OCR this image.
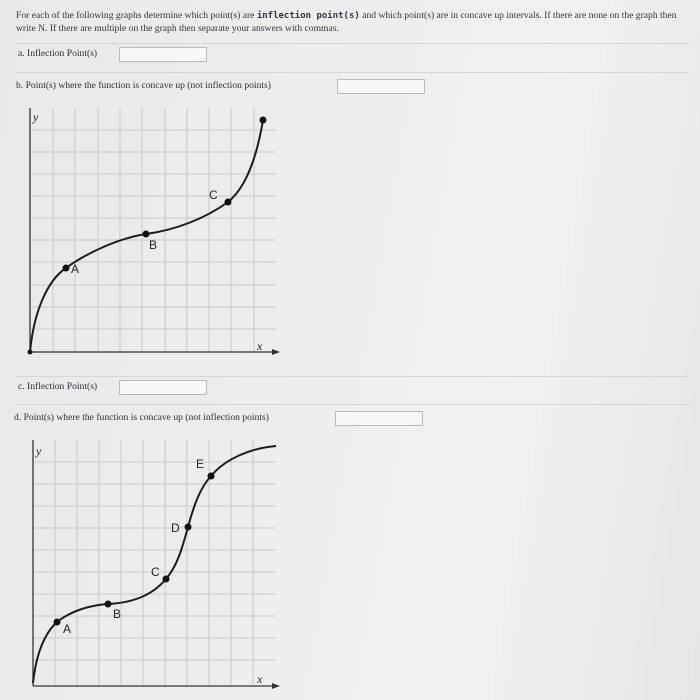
For each of the following graphs determine which point(s) are inflection point(s) and which point(s) are in concave up intervals. If there are none on the graph then write N. If there are multiple on the graph then separate your answers with commas.
a. Inflection Point(s)
b. Point(s) where the function is concave up (not inflection points)
y
x
A
B
C
c. Inflection Point(s)
d. Point(s) where the function is concave up (not inflection points)
y
x
A
B
C
D
E
